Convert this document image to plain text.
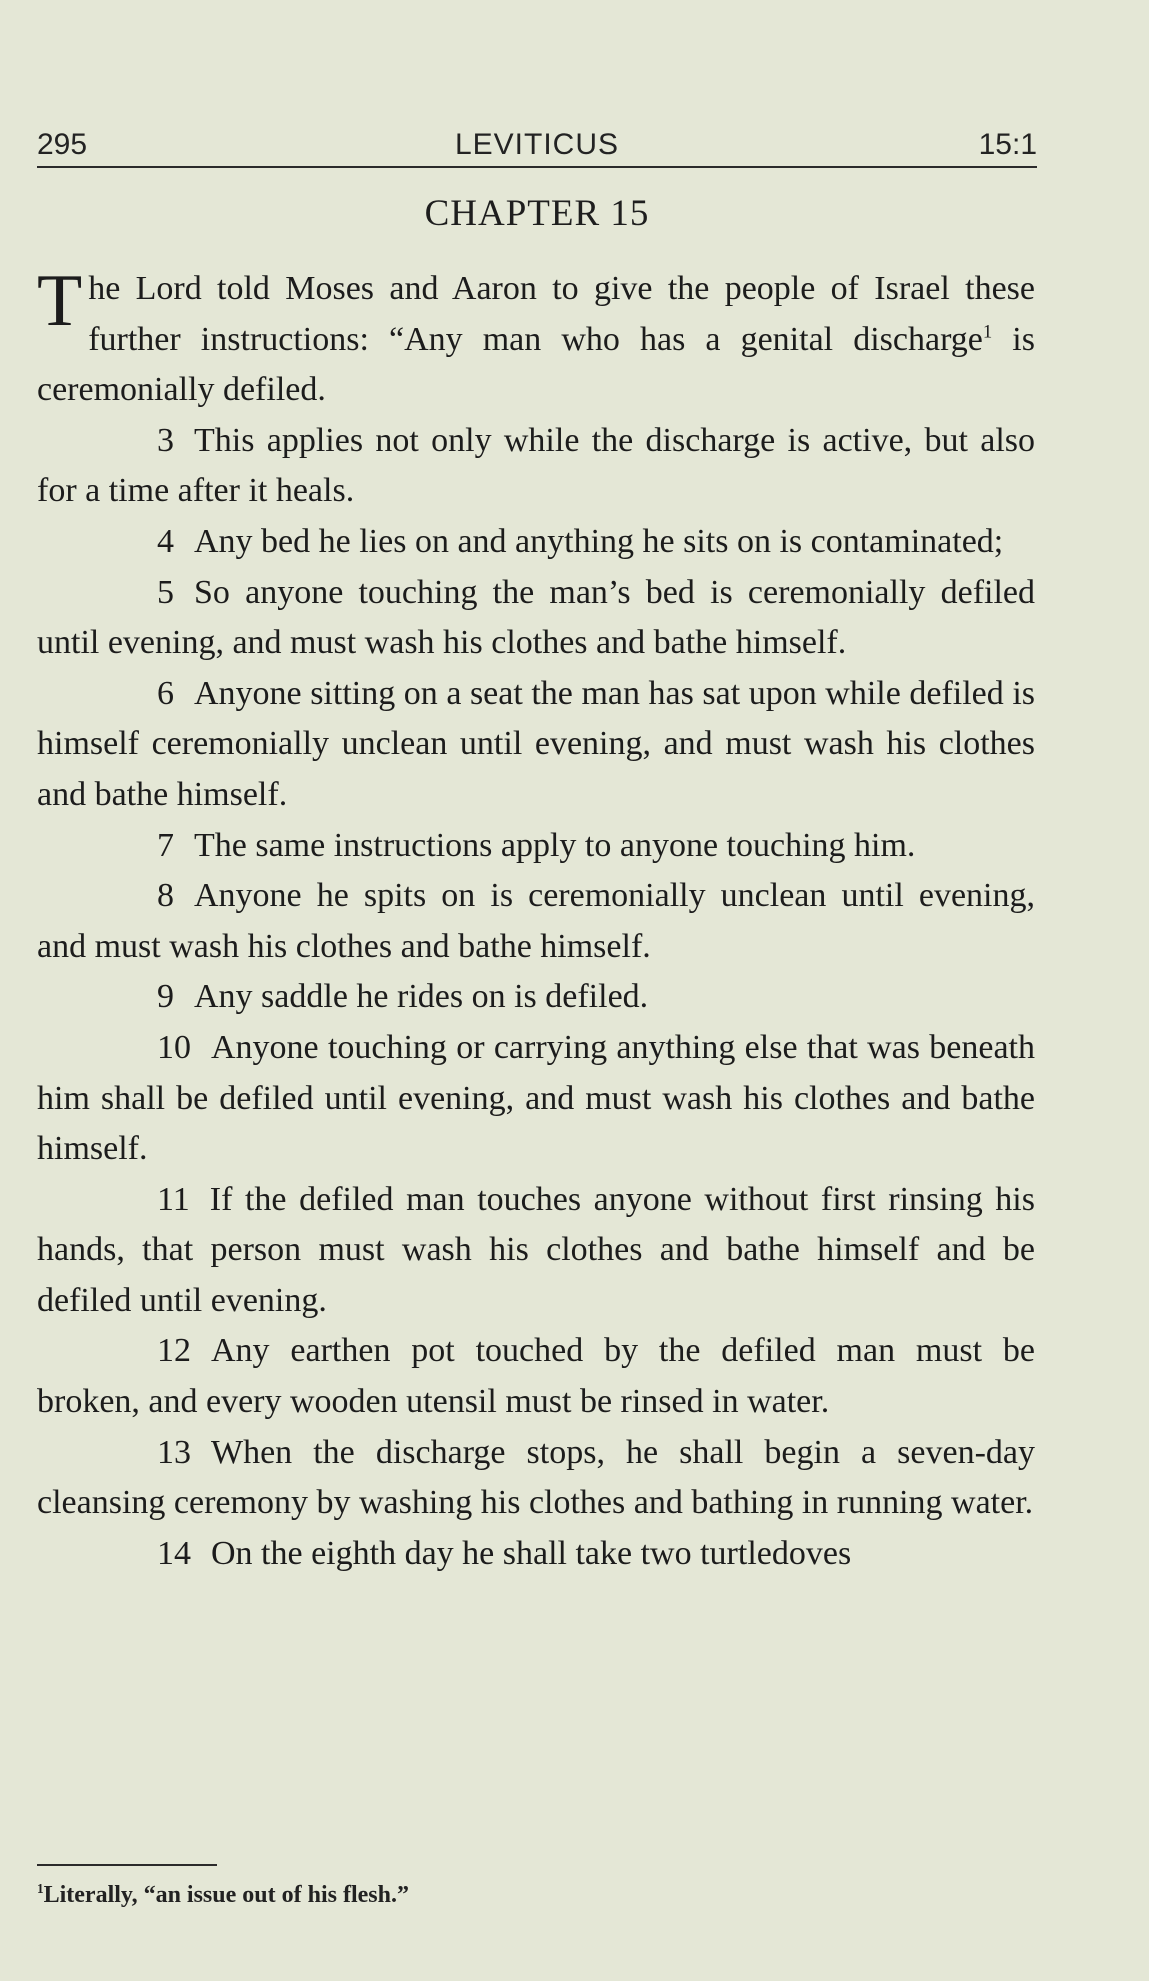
LEVITICUS
295	15:1
CHAPTER 15

The Lord told Moses and Aaron to give the people of Israel these further instructions: “Any man who has a genital discharge$^1$ is ceremonially defiled.

3 This applies not only while the discharge is active, but also for a time after it heals.

4 Any bed he lies on and anything he sits on is contaminated;

5 So anyone touching the man’s bed is ceremonially defiled until evening, and must wash his clothes and bathe himself.

6 Anyone sitting on a seat the man has sat upon while defiled is himself ceremonially unclean until evening, and must wash his clothes and bathe himself.

7 The same instructions apply to anyone touching him.

8 Anyone he spits on is ceremonially unclean until evening, and must wash his clothes and bathe himself.

9 Any saddle he rides on is defiled.

10 Anyone touching or carrying anything else that was beneath him shall be defiled until evening, and must wash his clothes and bathe himself.

11 If the defiled man touches anyone without first rinsing his hands, that person must wash his clothes and bathe himself and be defiled until evening.

12 Any earthen pot touched by the defiled man must be broken, and every wooden utensil must be rinsed in water.

13 When the discharge stops, he shall begin a seven-day cleansing ceremony by washing his clothes and bathing in running water.

14 On the eighth day he shall take two turtledoves

$^1$Literally, “an issue out of his flesh.”
